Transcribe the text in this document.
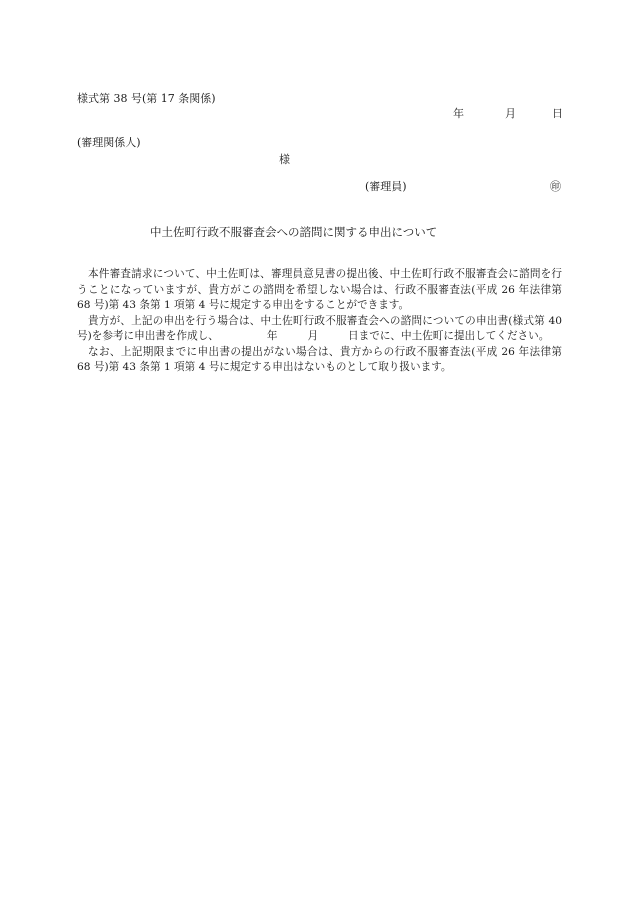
様式第 38 号(第 17 条関係)
年	月	日
(審理関係人)
様
(審理員)	㊞
中土佐町行政不服審査会への諮問に関する申出について

本件審査請求について、中土佐町は、審理員意見書の提出後、中土佐町行政不服審査会に諮問を行うことになっていますが、貴方がこの諮問を希望しない場合は、行政不服審査法(平成 26 年法律第 68 号)第 43 条第 1 項第 4 号に規定する申出をすることができます。

貴方が、上記の申出を行う場合は、中土佐町行政不服審査会への諮問についての申出書(様式第 40 号)を参考に申出書を作成し、	年	月	日までに、中土佐町に提出してください。

なお、上記期限までに申出書の提出がない場合は、貴方からの行政不服審査法(平成 26 年法律第 68 号)第 43 条第 1 項第 4 号に規定する申出はないものとして取り扱います。
